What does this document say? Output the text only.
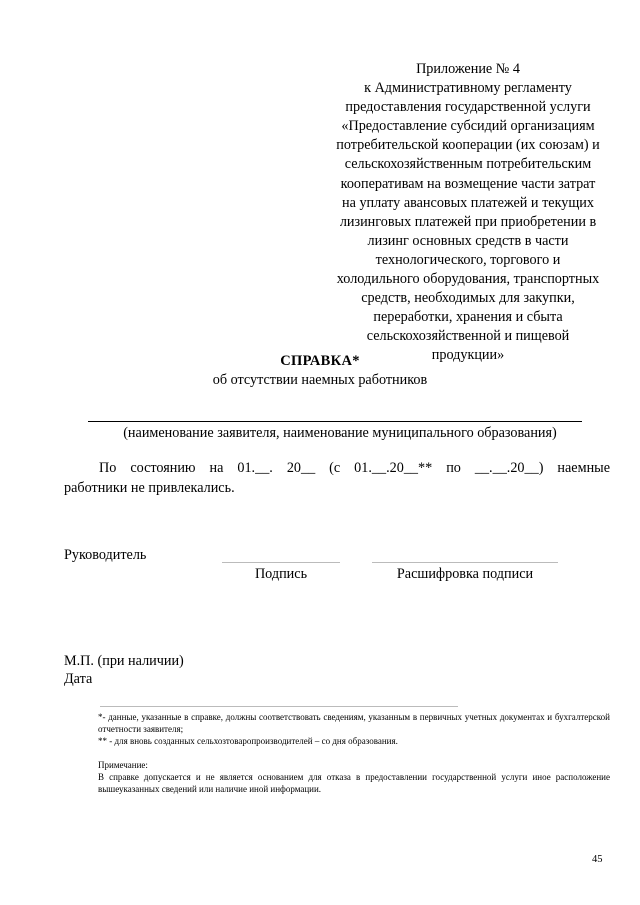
Приложение № 4
к Административному регламенту
предоставления государственной услуги
«Предоставление субсидий организациям
потребительской кооперации (их союзам) и
сельскохозяйственным потребительским
кооперативам на возмещение части затрат
на уплату авансовых платежей и текущих
лизинговых платежей при приобретении в
лизинг основных средств в части
технологического, торгового и
холодильного оборудования, транспортных
средств, необходимых для закупки,
переработки, хранения и сбыта
сельскохозяйственной и пищевой
продукции»
СПРАВКА*
об отсутствии наемных работников
(наименование заявителя, наименование муниципального образования)
По состоянию на 01.__. 20__ (с 01.__.20__** по __.__.20__) наемные
работники не привлекались.
Руководитель
Подпись	Расшифровка подписи
М.П. (при наличии)
Дата
*- данные, указанные в справке, должны соответствовать сведениям, указанным в первичных учетных документах и бухгалтерской отчетности заявителя;
** - для вновь созданных сельхозтоваропроизводителей – со дня образования.
Примечание:
В справке допускается и не является основанием для отказа в предоставлении государственной услуги иное расположение вышеуказанных сведений или наличие иной информации.
45
